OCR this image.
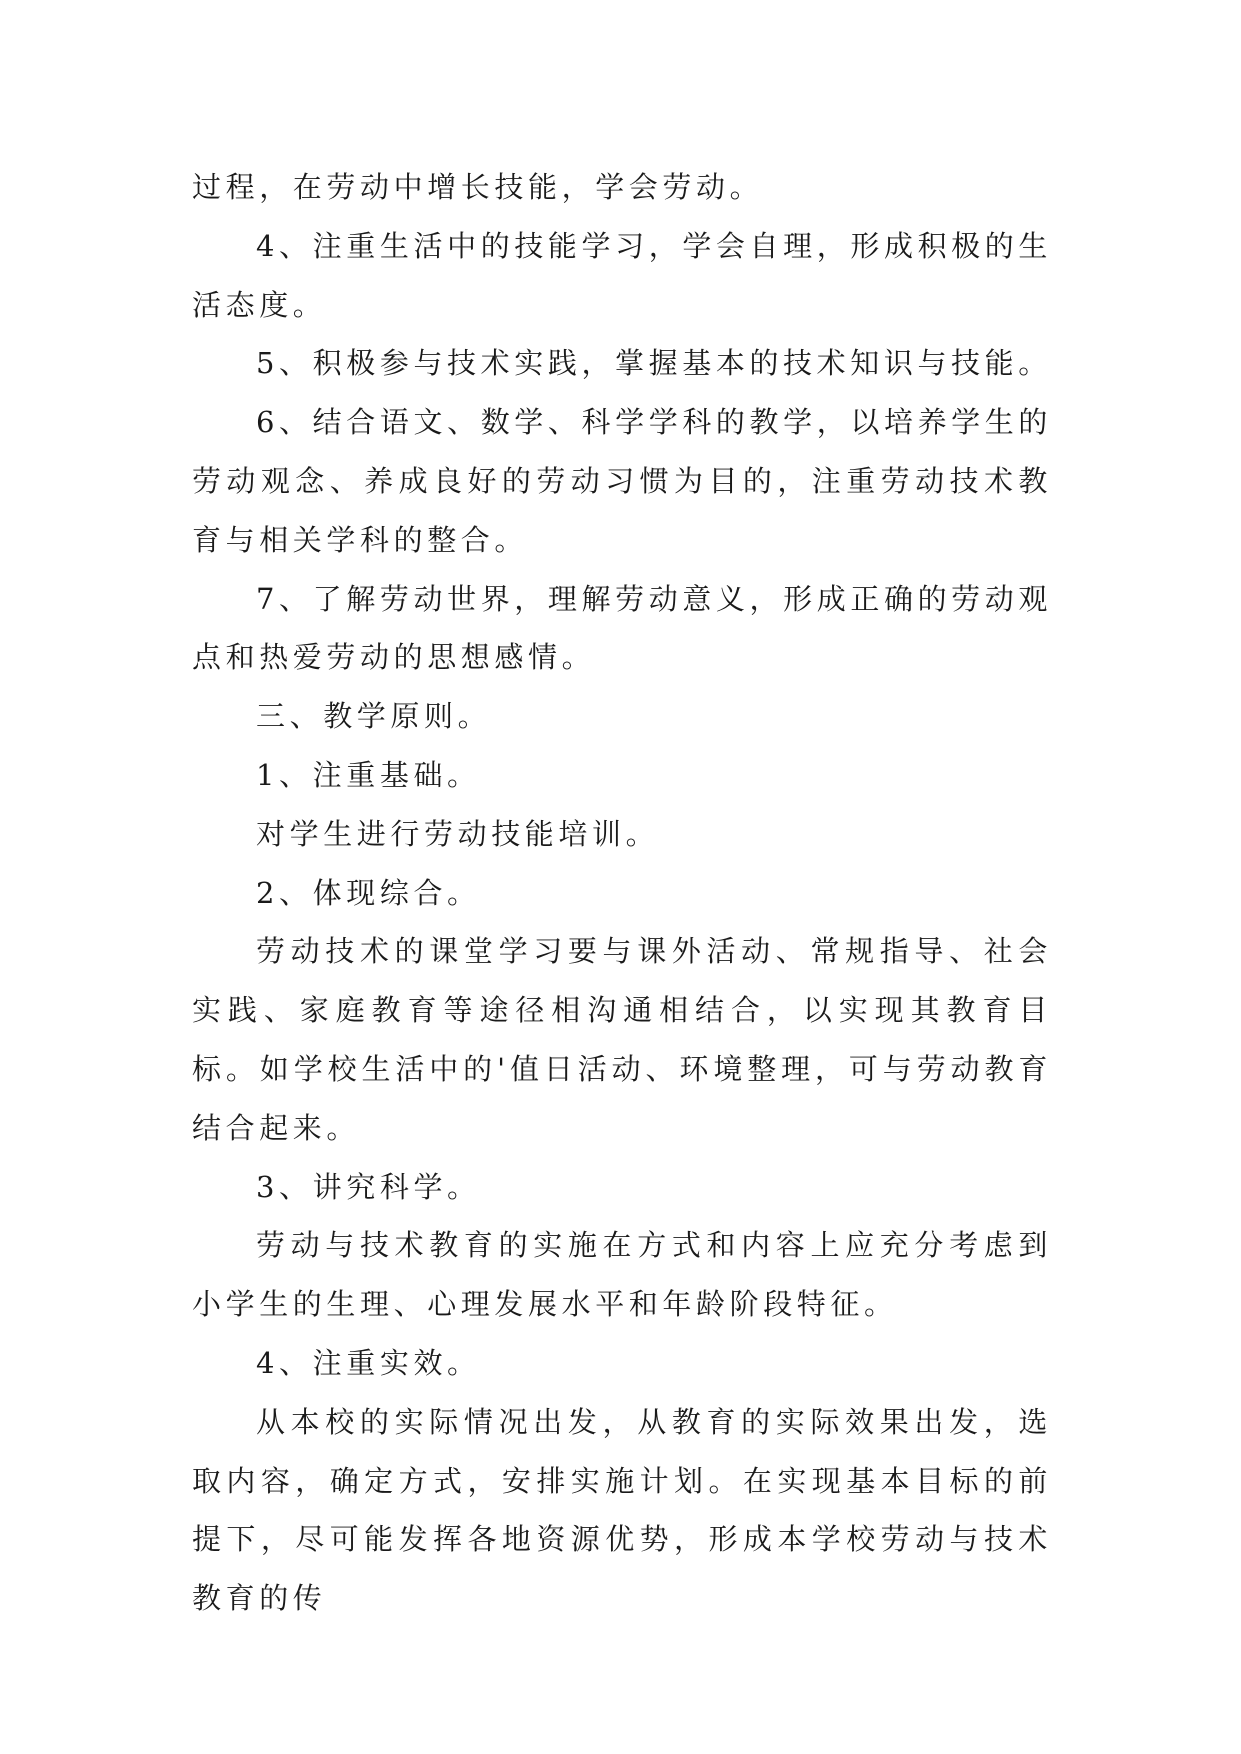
过程，在劳动中增长技能，学会劳动。

4、注重生活中的技能学习，学会自理，形成积极的生活态度。

5、积极参与技术实践，掌握基本的技术知识与技能。

6、结合语文、数学、科学学科的教学，以培养学生的劳动观念、养成良好的劳动习惯为目的，注重劳动技术教育与相关学科的整合。

7、了解劳动世界，理解劳动意义，形成正确的劳动观点和热爱劳动的思想感情。

三、教学原则。

1、注重基础。

对学生进行劳动技能培训。

2、体现综合。

劳动技术的课堂学习要与课外活动、常规指导、社会实践、家庭教育等途径相沟通相结合，以实现其教育目标。如学校生活中的'值日活动、环境整理，可与劳动教育结合起来。

3、讲究科学。

劳动与技术教育的实施在方式和内容上应充分考虑到小学生的生理、心理发展水平和年龄阶段特征。

4、注重实效。

从本校的实际情况出发，从教育的实际效果出发，选取内容，确定方式，安排实施计划。在实现基本目标的前提下，尽可能发挥各地资源优势，形成本学校劳动与技术教育的传
